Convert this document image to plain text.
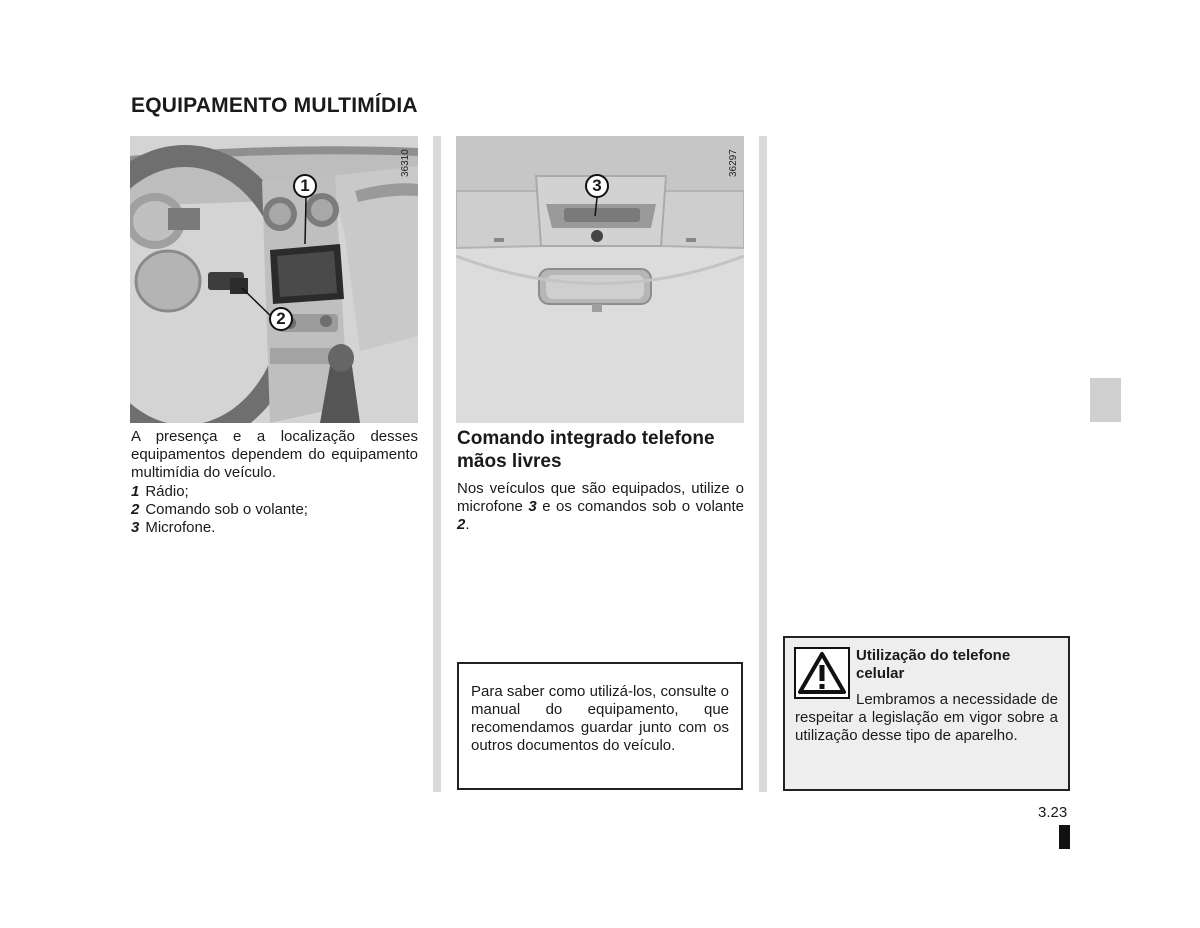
EQUIPAMENTO MULTIMÍDIA
1
2
36310
3
36297
A presença e a localização desses equipamentos dependem do equipamento multimídia do veículo.
1 Rádio;
2 Comando sob o volante;
3 Microfone.
Comando integrado telefone mãos livres
Nos veículos que são equipados, utilize o microfone 3 e os comandos sob o volante 2.
Para saber como utilizá-los, consulte o manual do equipamento, que recomendamos guardar junto com os outros documentos do veículo.
Utilização do telefone celular
Lembramos a necessidade de respeitar a legislação em vigor sobre a utilização desse tipo de aparelho.
3.23
